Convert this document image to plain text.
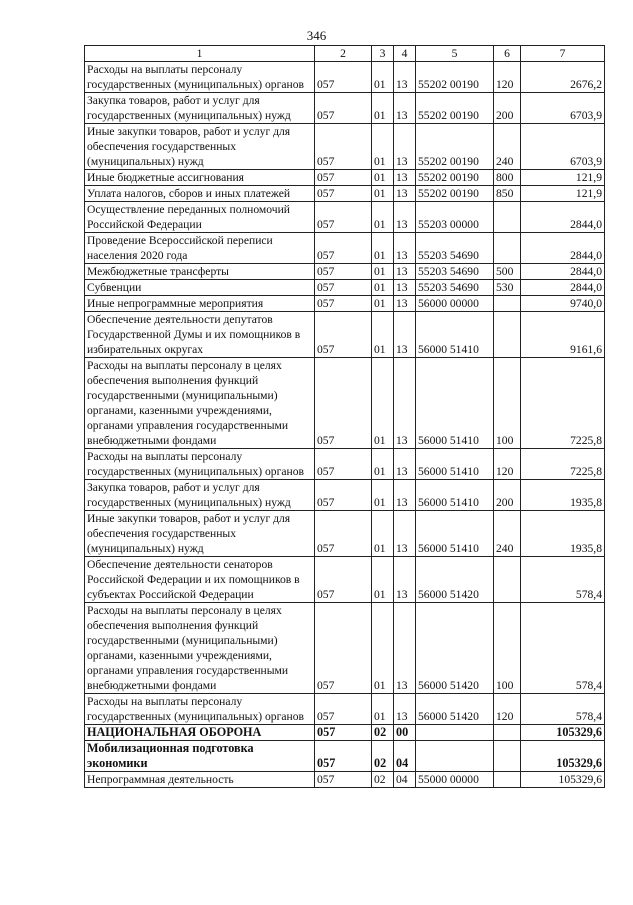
346
1	2	3	4	5	6	7
Расходы на выплаты персоналу государственных (муниципальных) органов	057	01	13	55202 00190	120	2676,2
Закупка товаров, работ и услуг для государственных (муниципальных) нужд	057	01	13	55202 00190	200	6703,9
Иные закупки товаров, работ и услуг для обеспечения государственных (муниципальных) нужд	057	01	13	55202 00190	240	6703,9
Иные бюджетные ассигнования	057	01	13	55202 00190	800	121,9
Уплата налогов, сборов и иных платежей	057	01	13	55202 00190	850	121,9
Осуществление переданных полномочий Российской Федерации	057	01	13	55203 00000		2844,0
Проведение Всероссийской переписи населения 2020 года	057	01	13	55203 54690		2844,0
Межбюджетные трансферты	057	01	13	55203 54690	500	2844,0
Субвенции	057	01	13	55203 54690	530	2844,0
Иные непрограммные мероприятия	057	01	13	56000 00000		9740,0
Обеспечение деятельности депутатов Государственной Думы и их помощников в избирательных округах	057	01	13	56000 51410		9161,6
Расходы на выплаты персоналу в целях обеспечения выполнения функций государственными (муниципальными) органами, казенными учреждениями, органами управления государственными внебюджетными фондами	057	01	13	56000 51410	100	7225,8
Расходы на выплаты персоналу государственных (муниципальных) органов	057	01	13	56000 51410	120	7225,8
Закупка товаров, работ и услуг для государственных (муниципальных) нужд	057	01	13	56000 51410	200	1935,8
Иные закупки товаров, работ и услуг для обеспечения государственных (муниципальных) нужд	057	01	13	56000 51410	240	1935,8
Обеспечение деятельности сенаторов Российской Федерации и их помощников в субъектах Российской Федерации	057	01	13	56000 51420		578,4
Расходы на выплаты персоналу в целях обеспечения выполнения функций государственными (муниципальными) органами, казенными учреждениями, органами управления государственными внебюджетными фондами	057	01	13	56000 51420	100	578,4
Расходы на выплаты персоналу государственных (муниципальных) органов	057	01	13	56000 51420	120	578,4
НАЦИОНАЛЬНАЯ ОБОРОНА	057	02	00			105329,6
Мобилизационная подготовка экономики	057	02	04			105329,6
Непрограммная деятельность	057	02	04	55000 00000		105329,6
